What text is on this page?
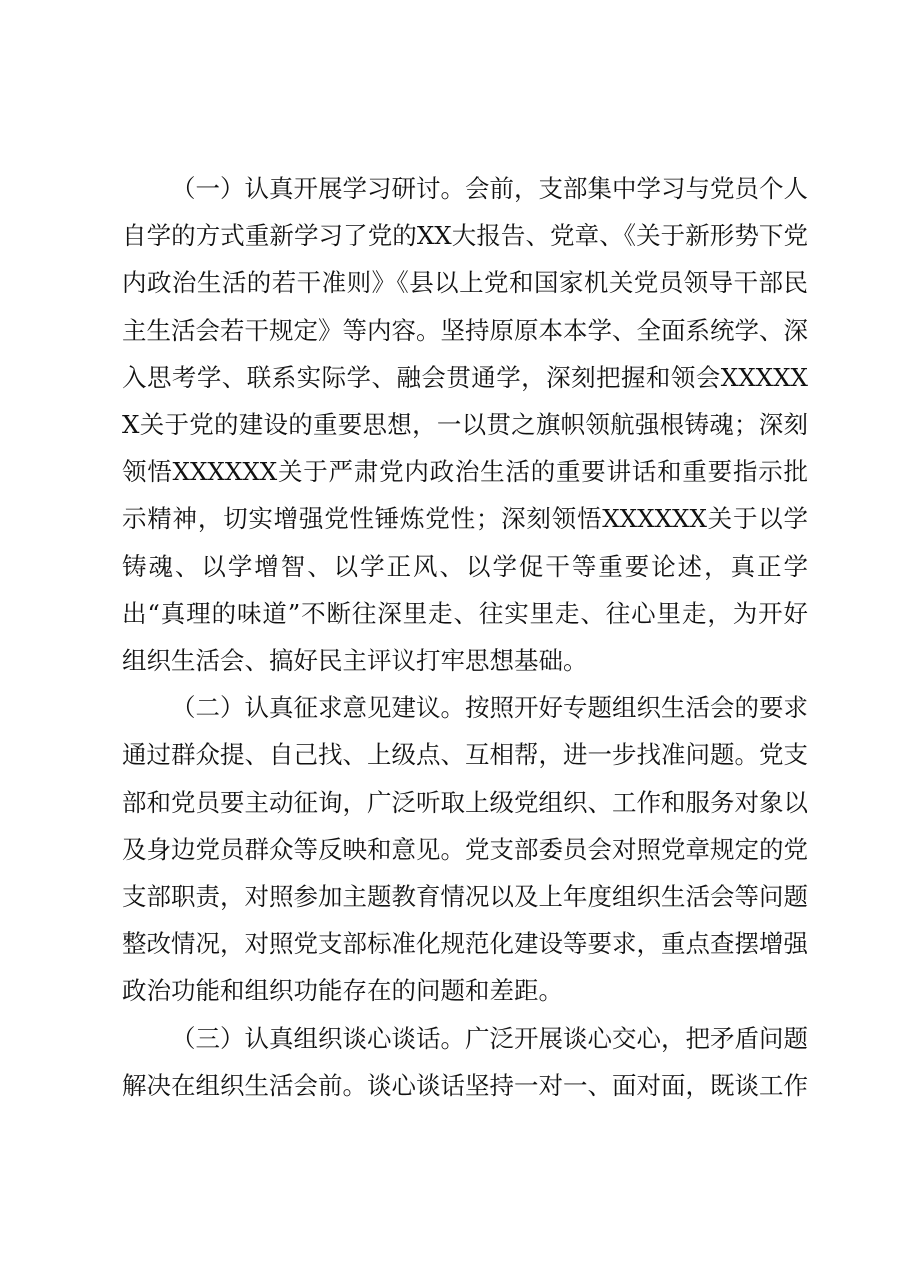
（一）认真开展学习研讨。会前，支部集中学习与党员个人自学的方式重新学习了党的XX大报告、党章、《关于新形势下党内政治生活的若干准则》《县以上党和国家机关党员领导干部民主生活会若干规定》等内容。坚持原原本本学、全面系统学、深入思考学、联系实际学、融会贯通学，深刻把握和领会XXXXXX关于党的建设的重要思想，一以贯之旗帜领航强根铸魂；深刻领悟XXXXXX关于严肃党内政治生活的重要讲话和重要指示批示精神，切实增强党性锤炼党性；深刻领悟XXXXXX关于以学铸魂、以学增智、以学正风、以学促干等重要论述，真正学出“真理的味道”不断往深里走、往实里走、往心里走，为开好组织生活会、搞好民主评议打牢思想基础。

（二）认真征求意见建议。按照开好专题组织生活会的要求通过群众提、自己找、上级点、互相帮，进一步找准问题。党支部和党员要主动征询，广泛听取上级党组织、工作和服务对象以及身边党员群众等反映和意见。党支部委员会对照党章规定的党支部职责，对照参加主题教育情况以及上年度组织生活会等问题整改情况，对照党支部标准化规范化建设等要求，重点查摆增强政治功能和组织功能存在的问题和差距。

（三）认真组织谈心谈话。广泛开展谈心交心，把矛盾问题解决在组织生活会前。谈心谈话坚持一对一、面对面，既谈工作
